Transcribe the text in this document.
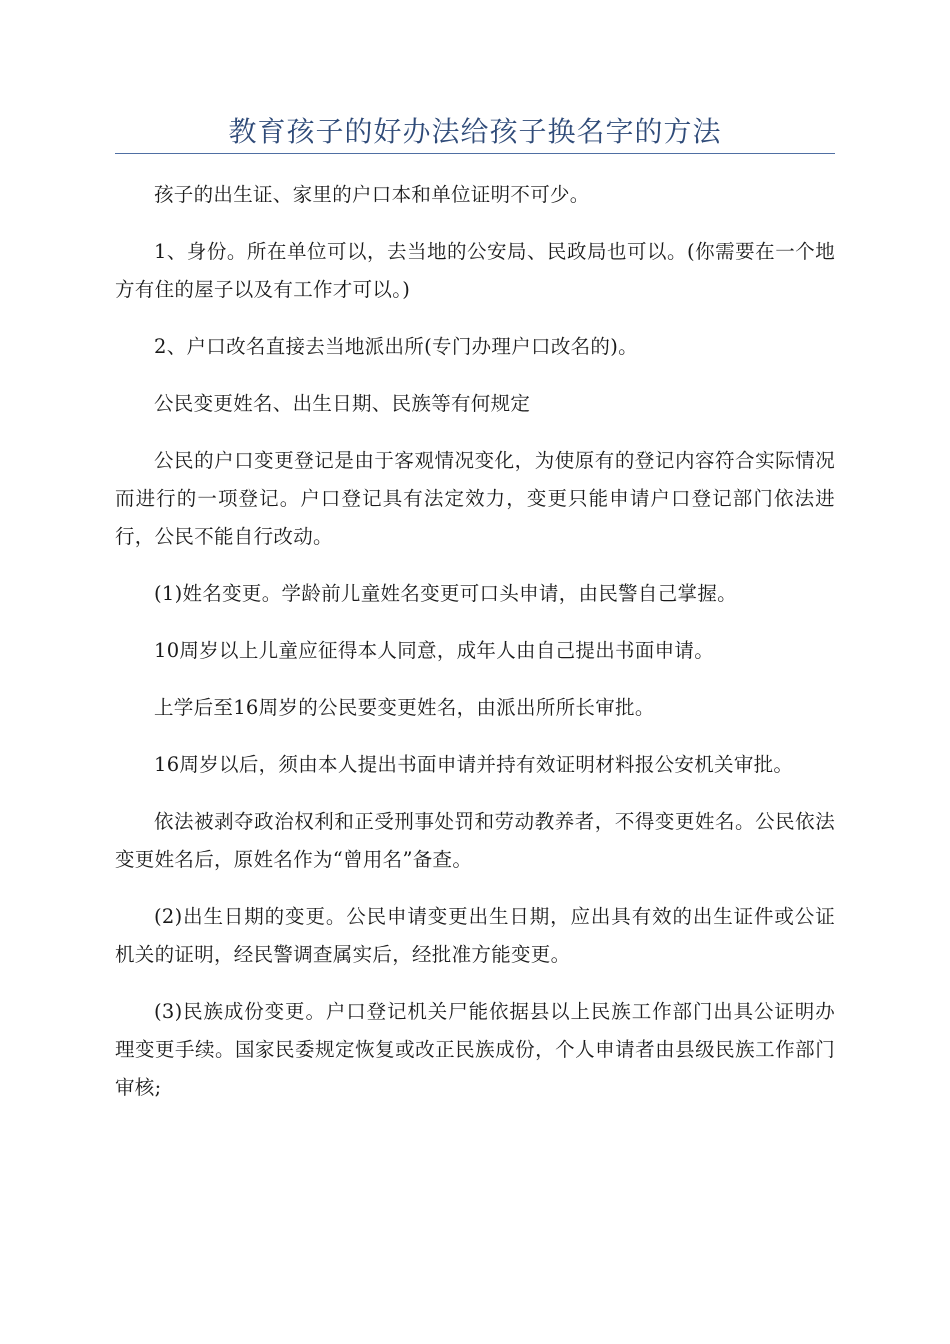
教育孩子的好办法给孩子换名字的方法

孩子的出生证、家里的户口本和单位证明不可少。

1、身份。所在单位可以，去当地的公安局、民政局也可以。(你需要在一个地方有住的屋子以及有工作才可以。)

2、户口改名直接去当地派出所(专门办理户口改名的)。

公民变更姓名、出生日期、民族等有何规定

公民的户口变更登记是由于客观情况变化，为使原有的登记内容符合实际情况而进行的一项登记。户口登记具有法定效力，变更只能申请户口登记部门依法进行，公民不能自行改动。

(1)姓名变更。学龄前儿童姓名变更可口头申请，由民警自己掌握。

10周岁以上儿童应征得本人同意，成年人由自己提出书面申请。

上学后至16周岁的公民要变更姓名，由派出所所长审批。

16周岁以后，须由本人提出书面申请并持有效证明材料报公安机关审批。

依法被剥夺政治权利和正受刑事处罚和劳动教养者，不得变更姓名。公民依法变更姓名后，原姓名作为“曾用名”备查。

(2)出生日期的变更。公民申请变更出生日期，应出具有效的出生证件或公证机关的证明，经民警调查属实后，经批准方能变更。

(3)民族成份变更。户口登记机关尸能依据县以上民族工作部门出具公证明办理变更手续。国家民委规定恢复或改正民族成份，个人申请者由县级民族工作部门审核;
